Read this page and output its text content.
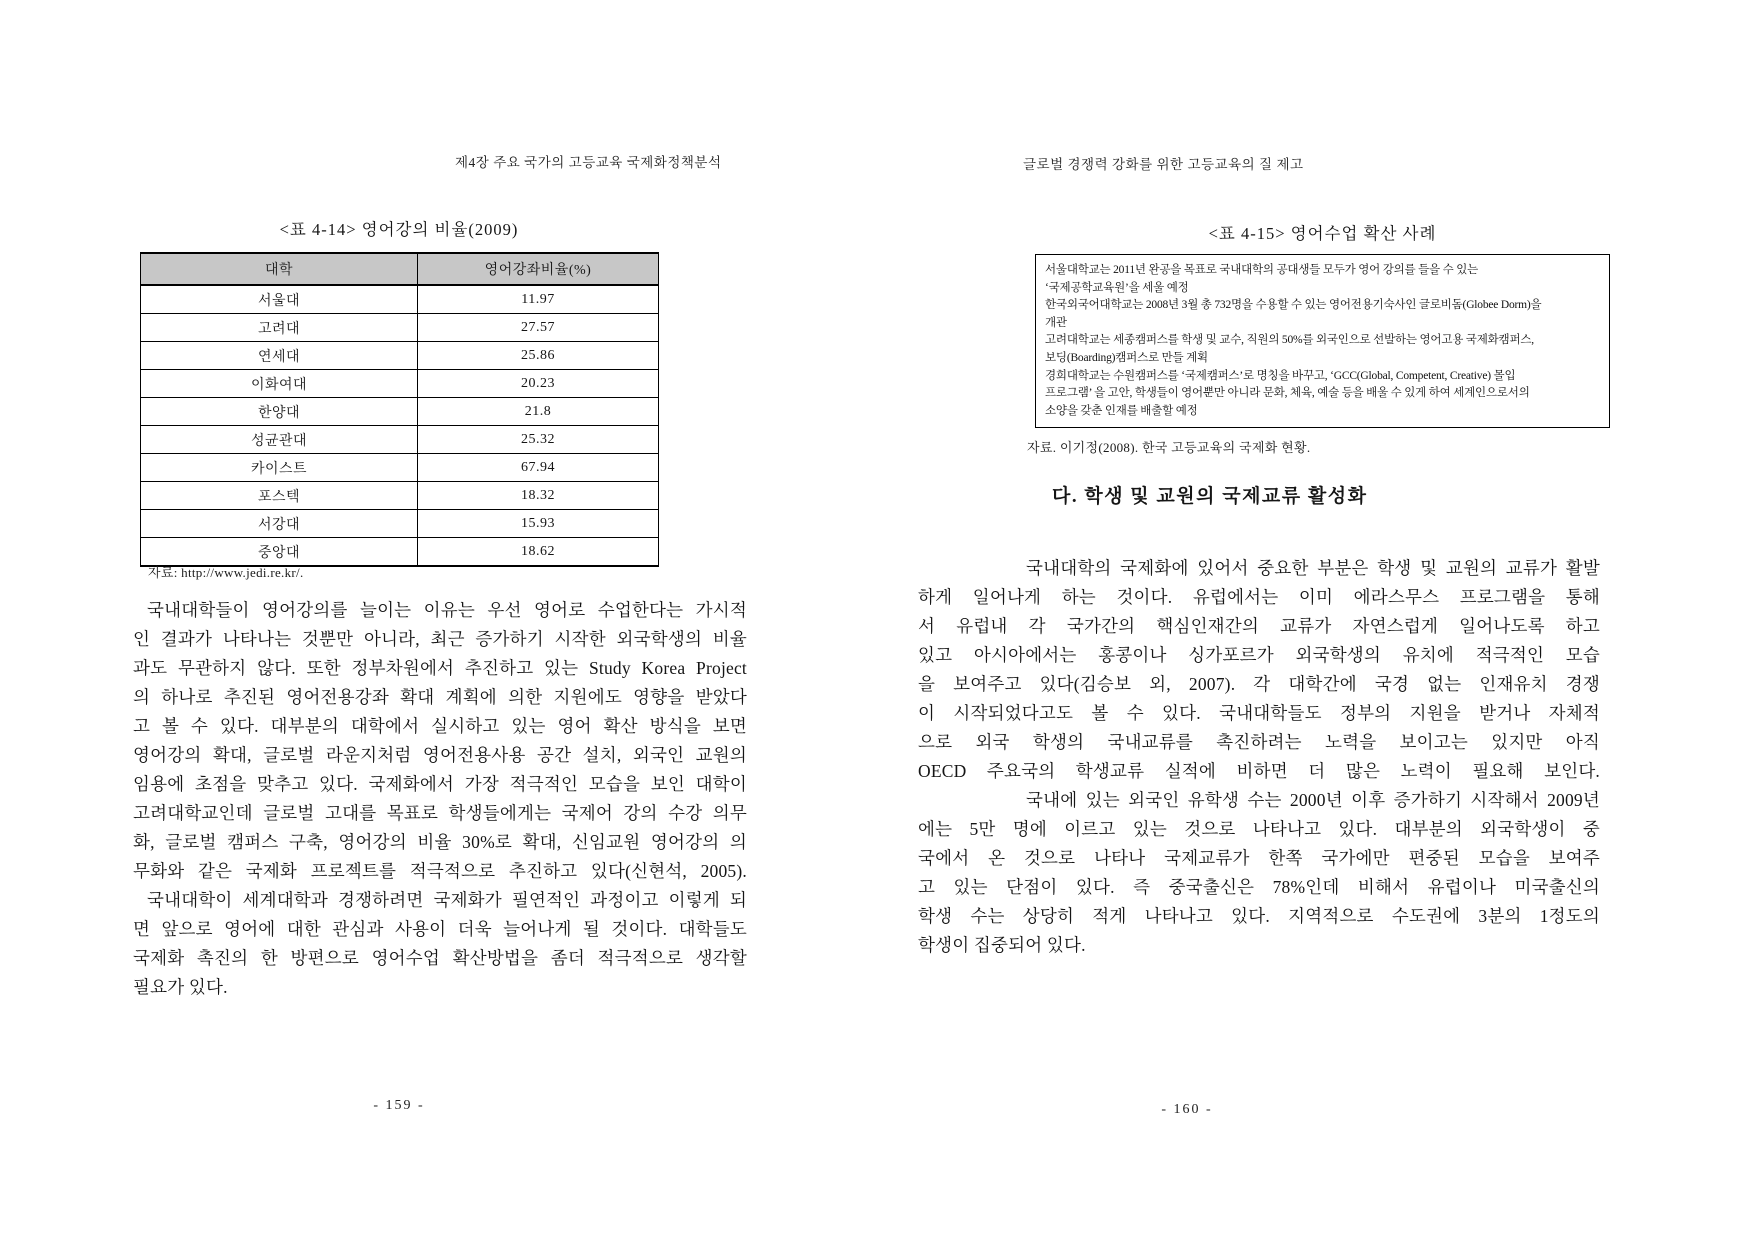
제4장 주요 국가의 고등교육 국제화정책분석
<표 4-14> 영어강의 비율(2009)
대학	영어강좌비율(%)
서울대	11.97
고려대	27.57
연세대	25.86
이화여대	20.23
한양대	21.8
성균관대	25.32
카이스트	67.94
포스텍	18.32
서강대	15.93
중앙대	18.62
자료: http://www.jedi.re.kr/.
국내대학들이 영어강의를 늘이는 이유는 우선 영어로 수업한다는 가시적
인 결과가 나타나는 것뿐만 아니라, 최근 증가하기 시작한 외국학생의 비율
과도 무관하지 않다. 또한 정부차원에서 추진하고 있는 Study Korea Project
의 하나로 추진된 영어전용강좌 확대 계획에 의한 지원에도 영향을 받았다
고 볼 수 있다. 대부분의 대학에서 실시하고 있는 영어 확산 방식을 보면
영어강의 확대, 글로벌 라운지처럼 영어전용사용 공간 설치, 외국인 교원의
임용에 초점을 맞추고 있다. 국제화에서 가장 적극적인 모습을 보인 대학이
고려대학교인데 글로벌 고대를 목표로 학생들에게는 국제어 강의 수강 의무
화, 글로벌 캠퍼스 구축, 영어강의 비율 30%로 확대, 신임교원 영어강의 의
무화와 같은 국제화 프로젝트를 적극적으로 추진하고 있다(신현석, 2005).
국내대학이 세계대학과 경쟁하려면 국제화가 필연적인 과정이고 이렇게 되
면 앞으로 영어에 대한 관심과 사용이 더욱 늘어나게 될 것이다. 대학들도
국제화 촉진의 한 방편으로 영어수업 확산방법을 좀더 적극적으로 생각할
필요가 있다.
- 159 -
글로벌 경쟁력 강화를 위한 고등교육의 질 제고
<표 4-15> 영어수업 확산 사례
서울대학교는 2011년 완공을 목표로 국내대학의 공대생들 모두가 영어 강의를 들을 수 있는
‘국제공학교육원’을 세울 예정
한국외국어대학교는 2008년 3월 총 732명을 수용할 수 있는 영어전용기숙사인 글로비돔(Globee Dorm)을
개관
고려대학교는 세종캠퍼스를 학생 및 교수, 직원의 50%를 외국인으로 선발하는 영어고용 국제화캠퍼스,
보딩(Boarding)캠퍼스로 만들 계획
경희대학교는 수원캠퍼스를 ‘국제캠퍼스’로 명칭을 바꾸고, ‘GCC(Global, Competent, Creative) 몰입
프로그램’ 을 고안, 학생들이 영어뿐만 아니라 문화, 체육, 예술 등을 배울 수 있게 하여 세계인으로서의
소양을 갖춘 인재를 배출할 예정
자료. 이기정(2008). 한국 고등교육의 국제화 현황.
다. 학생 및 교원의 국제교류 활성화
국내대학의 국제화에 있어서 중요한 부분은 학생 및 교원의 교류가 활발
하게 일어나게 하는 것이다. 유럽에서는 이미 에라스무스 프로그램을 통해
서 유럽내 각 국가간의 핵심인재간의 교류가 자연스럽게 일어나도록 하고
있고 아시아에서는 홍콩이나 싱가포르가 외국학생의 유치에 적극적인 모습
을 보여주고 있다(김승보 외, 2007). 각 대학간에 국경 없는 인재유치 경쟁
이 시작되었다고도 볼 수 있다. 국내대학들도 정부의 지원을 받거나 자체적
으로 외국 학생의 국내교류를 촉진하려는 노력을 보이고는 있지만 아직
OECD 주요국의 학생교류 실적에 비하면 더 많은 노력이 필요해 보인다.
국내에 있는 외국인 유학생 수는 2000년 이후 증가하기 시작해서 2009년
에는 5만 명에 이르고 있는 것으로 나타나고 있다. 대부분의 외국학생이 중
국에서 온 것으로 나타나 국제교류가 한쪽 국가에만 편중된 모습을 보여주
고 있는 단점이 있다. 즉 중국출신은 78%인데 비해서 유럽이나 미국출신의
학생 수는 상당히 적게 나타나고 있다. 지역적으로 수도권에 3분의 1정도의
학생이 집중되어 있다.
- 160 -
